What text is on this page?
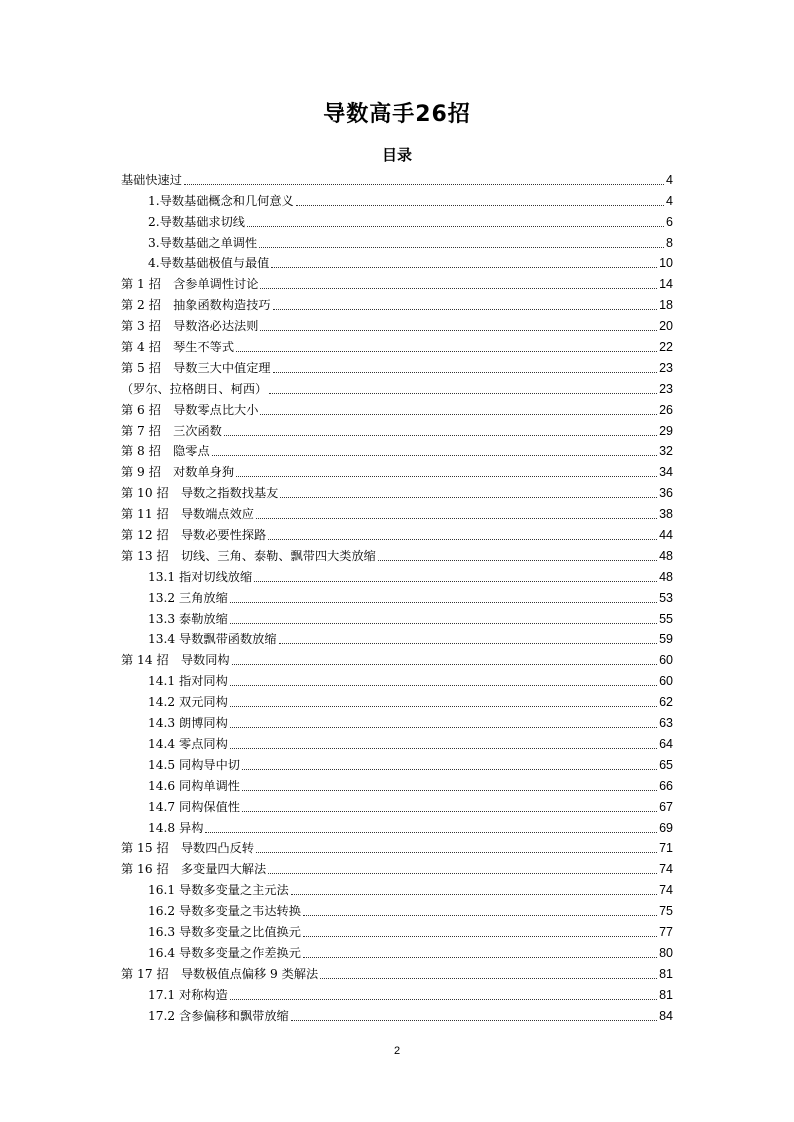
导数高手26招
目录
基础快速过	4
1.导数基础概念和几何意义	4
2.导数基础求切线	6
3.导数基础之单调性	8
4.导数基础极值与最值	10
第 1 招　含参单调性讨论	14
第 2 招　抽象函数构造技巧	18
第 3 招　导数洛必达法则	20
第 4 招　琴生不等式	22
第 5 招　导数三大中值定理	23
（罗尔、拉格朗日、柯西）	23
第 6 招　导数零点比大小	26
第 7 招　三次函数	29
第 8 招　隐零点	32
第 9 招　对数单身狗	34
第 10 招　导数之指数找基友	36
第 11 招　导数端点效应	38
第 12 招　导数必要性探路	44
第 13 招　切线、三角、泰勒、飘带四大类放缩	48
13.1 指对切线放缩	48
13.2 三角放缩	53
13.3 泰勒放缩	55
13.4 导数飘带函数放缩	59
第 14 招　导数同构	60
14.1 指对同构	60
14.2 双元同构	62
14.3 朗博同构	63
14.4 零点同构	64
14.5 同构导中切	65
14.6 同构单调性	66
14.7 同构保值性	67
14.8 异构	69
第 15 招　导数四凸反转	71
第 16 招　多变量四大解法	74
16.1 导数多变量之主元法	74
16.2 导数多变量之韦达转换	75
16.3 导数多变量之比值换元	77
16.4 导数多变量之作差换元	80
第 17 招　导数极值点偏移 9 类解法	81
17.1 对称构造	81
17.2 含参偏移和飘带放缩	84
2
